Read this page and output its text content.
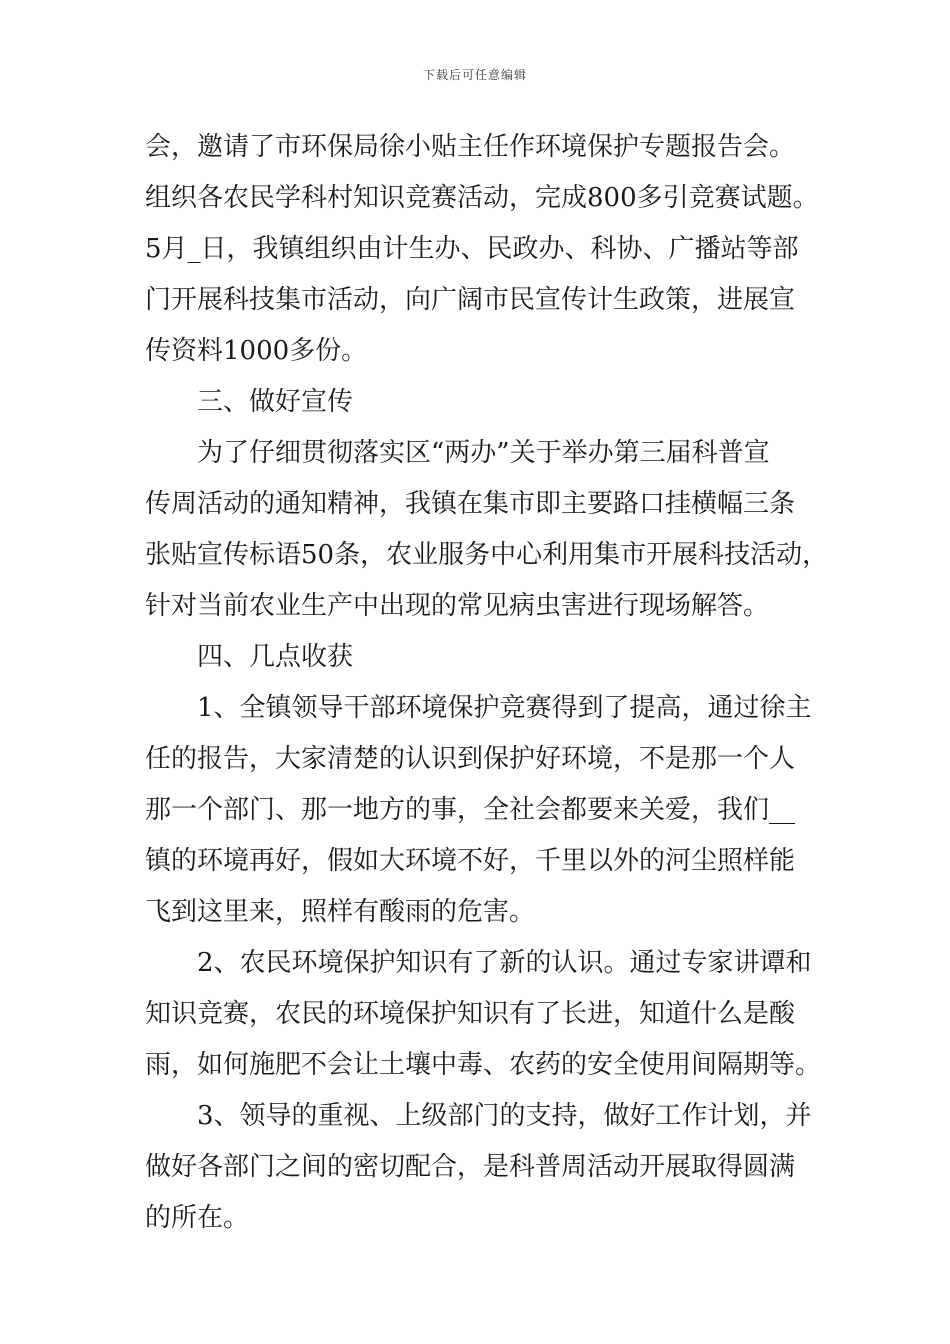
下载后可任意编辑
会，邀请了市环保局徐小贴主任作环境保护专题报告会。
组织各农民学科村知识竞赛活动，完成800多引竞赛试题。
5月_日，我镇组织由计生办、民政办、科协、广播站等部
门开展科技集市活动，向广阔市民宣传计生政策，进展宣
传资料1000多份。
三、做好宣传
为了仔细贯彻落实区“两办”关于举办第三届科普宣
传周活动的通知精神，我镇在集市即主要路口挂横幅三条
张贴宣传标语50条，农业服务中心利用集市开展科技活动，
针对当前农业生产中出现的常见病虫害进行现场解答。
四、几点收获
1、全镇领导干部环境保护竞赛得到了提高，通过徐主
任的报告，大家清楚的认识到保护好环境，不是那一个人
那一个部门、那一地方的事，全社会都要来关爱，我们__
镇的环境再好，假如大环境不好，千里以外的河尘照样能
飞到这里来，照样有酸雨的危害。
2、农民环境保护知识有了新的认识。通过专家讲谭和
知识竞赛，农民的环境保护知识有了长进，知道什么是酸
雨，如何施肥不会让土壤中毒、农药的安全使用间隔期等。
3、领导的重视、上级部门的支持，做好工作计划，并
做好各部门之间的密切配合，是科普周活动开展取得圆满
的所在。
